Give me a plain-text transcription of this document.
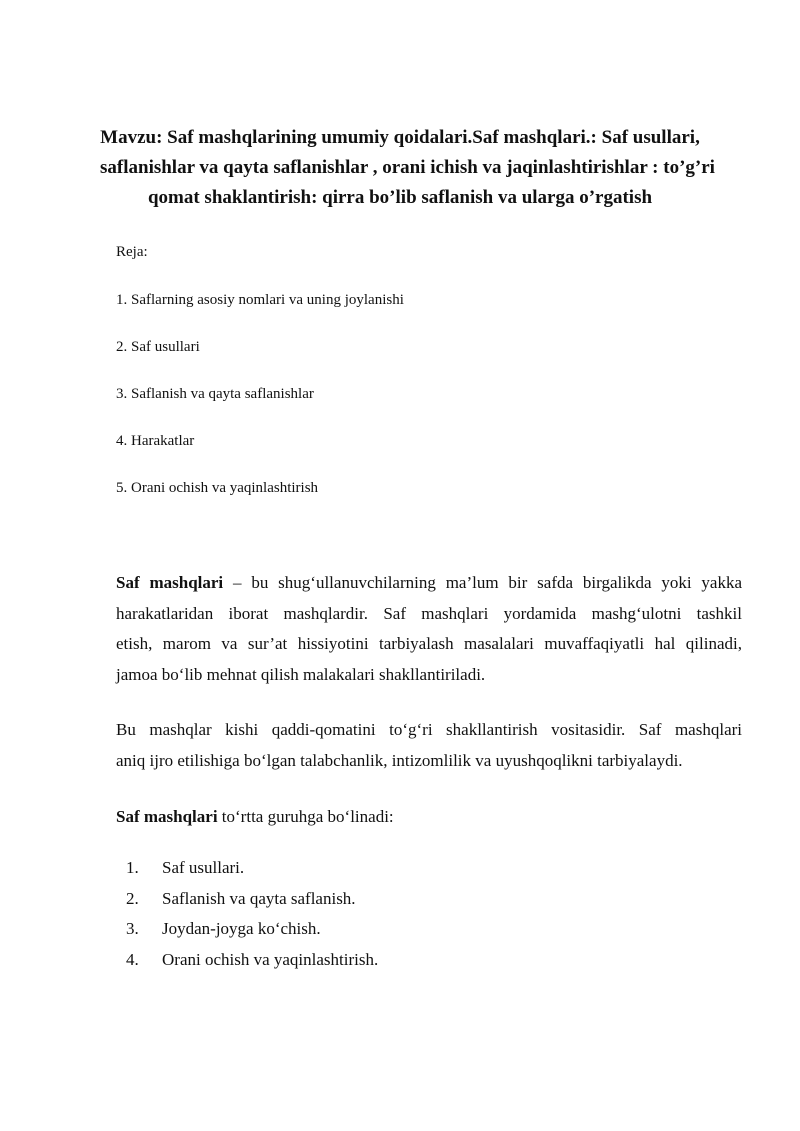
Mavzu: Saf mashqlarining umumiy qoidalari.Saf mashqlari.: Saf usullari,
saflanishlar va qayta saflanishlar , orani ichish va jaqinlashtirishlar : to’g’ri
qomat shaklantirish: qirra bo’lib saflanish va ularga o’rgatish

Reja:

1. Saflarning asosiy nomlari va uning joylanishi
2. Saf usullari
3. Saflanish va qayta saflanishlar
4. Harakatlar
5. Orani ochish va yaqinlashtirish

Saf mashqlari – bu shug‘ullanuvchilarning ma’lum bir safda birgalikda yoki yakka
harakatlaridan iborat mashqlardir. Saf mashqlari yordamida mashg‘ulotni tashkil
etish, marom va sur’at hissiyotini tarbiyalash masalalari muvaffaqiyatli hal qilinadi,
jamoa bo‘lib mehnat qilish malakalari shakllantiriladi.

Bu mashqlar kishi qaddi-qomatini to‘g‘ri shakllantirish vositasidir. Saf mashqlari
aniq ijro etilishiga bo‘lgan talabchanlik, intizomlilik va uyushqoqlikni tarbiyalaydi.

Saf mashqlari to‘rtta guruhga bo‘linadi:

1. Saf usullari.
2. Saflanish va qayta saflanish.
3. Joydan-joyga ko‘chish.
4. Orani ochish va yaqinlashtirish.
